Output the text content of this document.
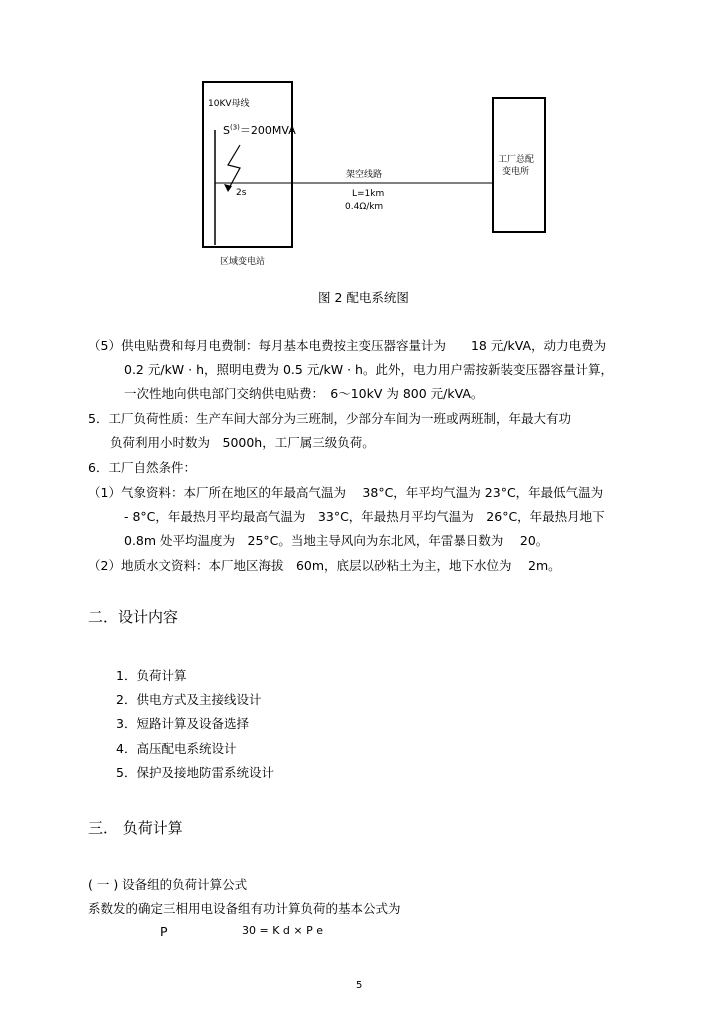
10KV母线
$S^{(3)}=200MVA$
2s
架空线路
L=1km
0.4Ω/km
工厂总配
变电所
区域变电站
图 2 配电系统图
（5）供电贴费和每月电费制：每月基本电费按主变压器容量计为　　18 元/kVA，动力电费为
0.2 元/kW · h，照明电费为 0.5 元/kW · h。此外，电力用户需按新装变压器容量计算，
一次性地向供电部门交纳供电贴费：　6～10kV 为 800 元/kVA。
5．工厂负荷性质：生产车间大部分为三班制，少部分车间为一班或两班制，年最大有功
负荷利用小时数为　5000h，工厂属三级负荷。
6．工厂自然条件：
（1）气象资料：本厂所在地区的年最高气温为　 38°C，年平均气温为 23°C，年最低气温为
- 8°C，年最热月平均最高气温为　33°C，年最热月平均气温为　26°C，年最热月地下
0.8m 处平均温度为　25°C。当地主导风向为东北风，年雷暴日数为　 20。
（2）地质水文资料：本厂地区海拔　60m，底层以砂粘土为主，地下水位为　 2m。
二．设计内容
1．负荷计算
2．供电方式及主接线设计
3．短路计算及设备选择
4．高压配电系统设计
5．保护及接地防雷系统设计
三． 负荷计算
( 一 ) 设备组的负荷计算公式
系数发的确定三相用电设备组有功计算负荷的基本公式为
P	30 = K d × P e
5
